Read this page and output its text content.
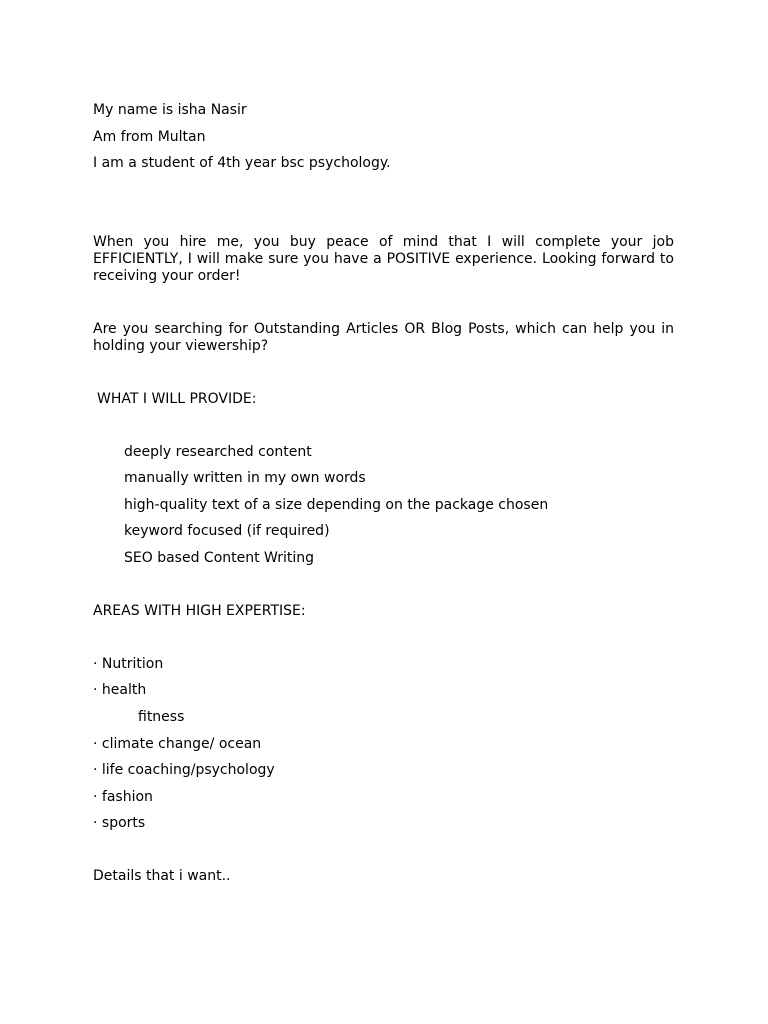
My name is isha Nasir
Am from Multan
I am a student of 4th year bsc psychology.
When you hire me, you buy peace of mind that I will complete your job EFFICIENTLY, I will make sure you have a POSITIVE experience. Looking forward to receiving your order!
Are you searching for Outstanding Articles OR Blog Posts, which can help you in holding your viewership?
WHAT I WILL PROVIDE:
deeply researched content
manually written in my own words
high-quality text of a size depending on the package chosen
keyword focused (if required)
SEO based Content Writing
AREAS WITH HIGH EXPERTISE:
· Nutrition
· health
fitness
· climate change/ ocean
· life coaching/psychology
· fashion
· sports
Details that i want..
